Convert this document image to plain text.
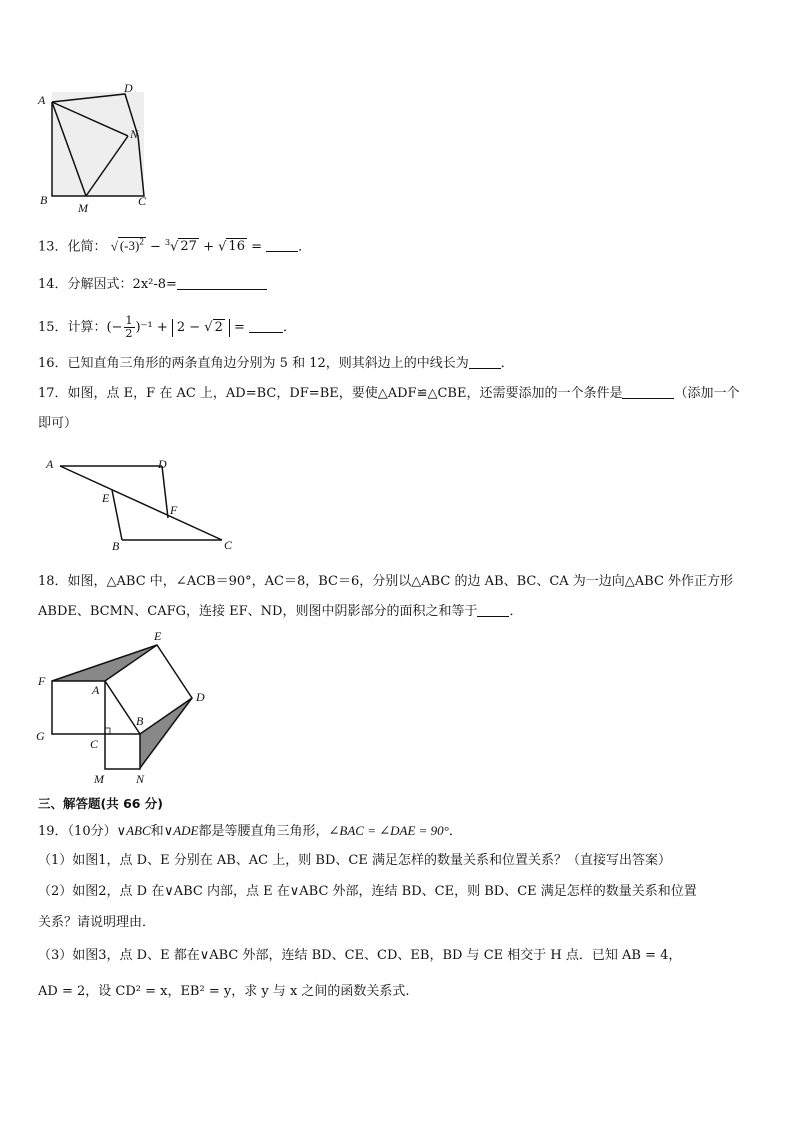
A
D
N
B
M	C
13．化简： √ $(-3)^2 - ^3√$ 27 + √ 16 =	．
14．分解因式：2x²-8=
15．计算：(− $\frac{1}{2} )^{-1} + 2$ − √ 2 =	．
16．已知直角三角形的两条直角边分别为 5 和 12，则其斜边上的中线长为 ．
17．如图，点 E，F 在 AC 上，AD=BC，DF=BE，要使△ADF≌△CBE，还需要添加的一个条件是	（添加一个
即可）
A	D
E
F
B	C
18．如图，△ABC 中，∠ACB＝90°，AC＝8，BC＝6，分别以△ABC 的边 AB、BC、CA 为一边向△ABC 外作正方形
ABDE、BCMN、CAFG，连接 EF、ND，则图中阴影部分的面积之和等于 ．
E
F
A	D
B
G
C
M	N
三、解答题(共 66 分)
19．（10分）∨ABC和∨ADE都是等腰直角三角形，∠BAC = ∠DAE = 90°．
（1）如图1，点 D、E 分别在 AB、AC 上，则 BD、CE 满足怎样的数量关系和位置关系？（直接写出答案）
（2）如图2，点 D 在∨ABC 内部，点 E 在∨ABC 外部，连结 BD、CE，则 BD、CE 满足怎样的数量关系和位置
关系？请说明理由．
（3）如图3，点 D、E 都在∨ABC 外部，连结 BD、CE、CD、EB，BD 与 CE 相交于 H 点．已知 AB = 4，
AD = 2，设 CD² = x，EB² = y，求 y 与 x 之间的函数关系式.
